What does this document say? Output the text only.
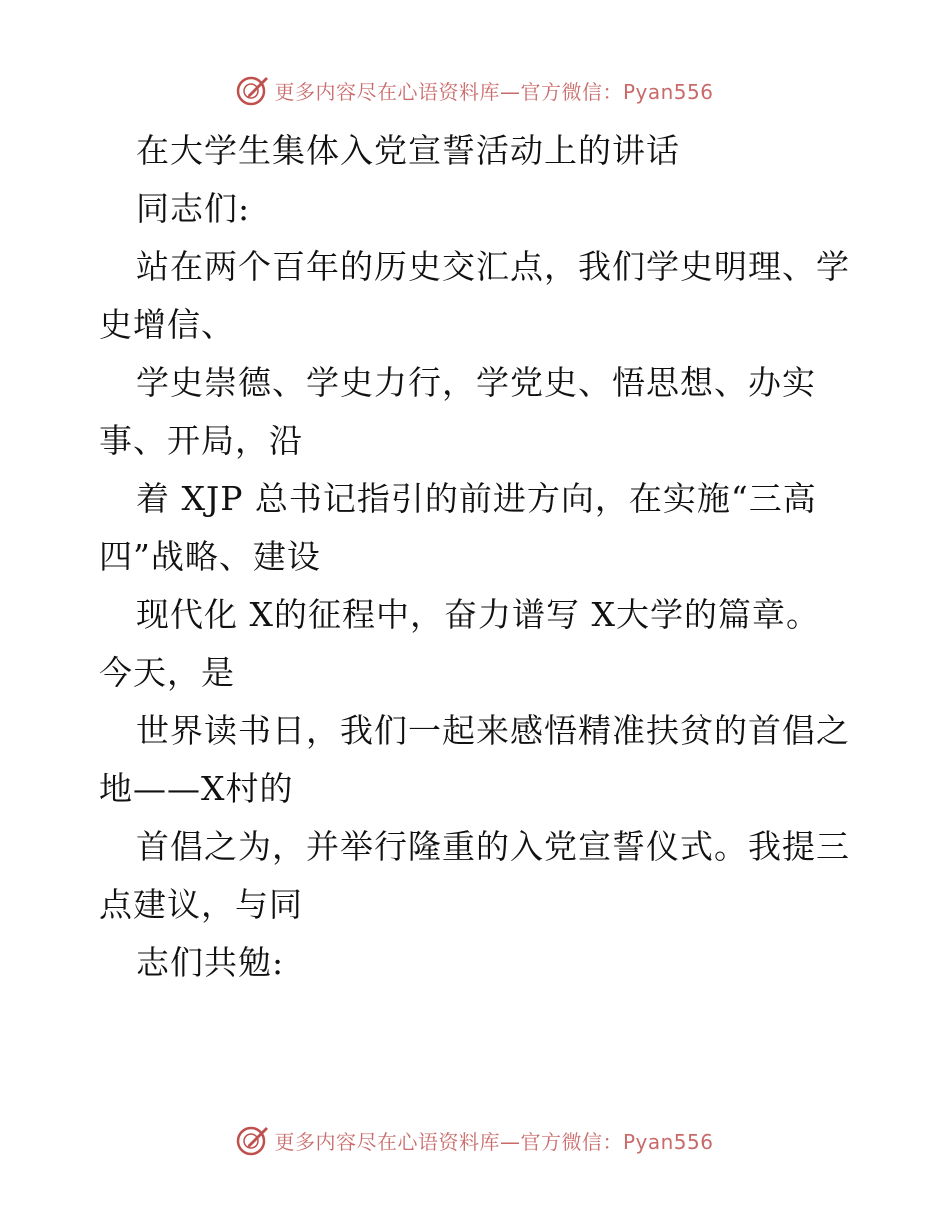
更多内容尽在心语资料库—官方微信：Pyan556
在大学生集体入党宣誓活动上的讲话
同志们:
站在两个百年的历史交汇点，我们学史明理、学
史增信、
学史崇德、学史力行，学党史、悟思想、办实
事、开局，沿
着 XJP 总书记指引的前进方向，在实施“三高
四”战略、建设
现代化 X的征程中，奋力谱写 X大学的篇章。
今天，是
世界读书日，我们一起来感悟精准扶贫的首倡之
地——X村的
首倡之为，并举行隆重的入党宣誓仪式。我提三
点建议，与同
志们共勉:
更多内容尽在心语资料库—官方微信：Pyan556
